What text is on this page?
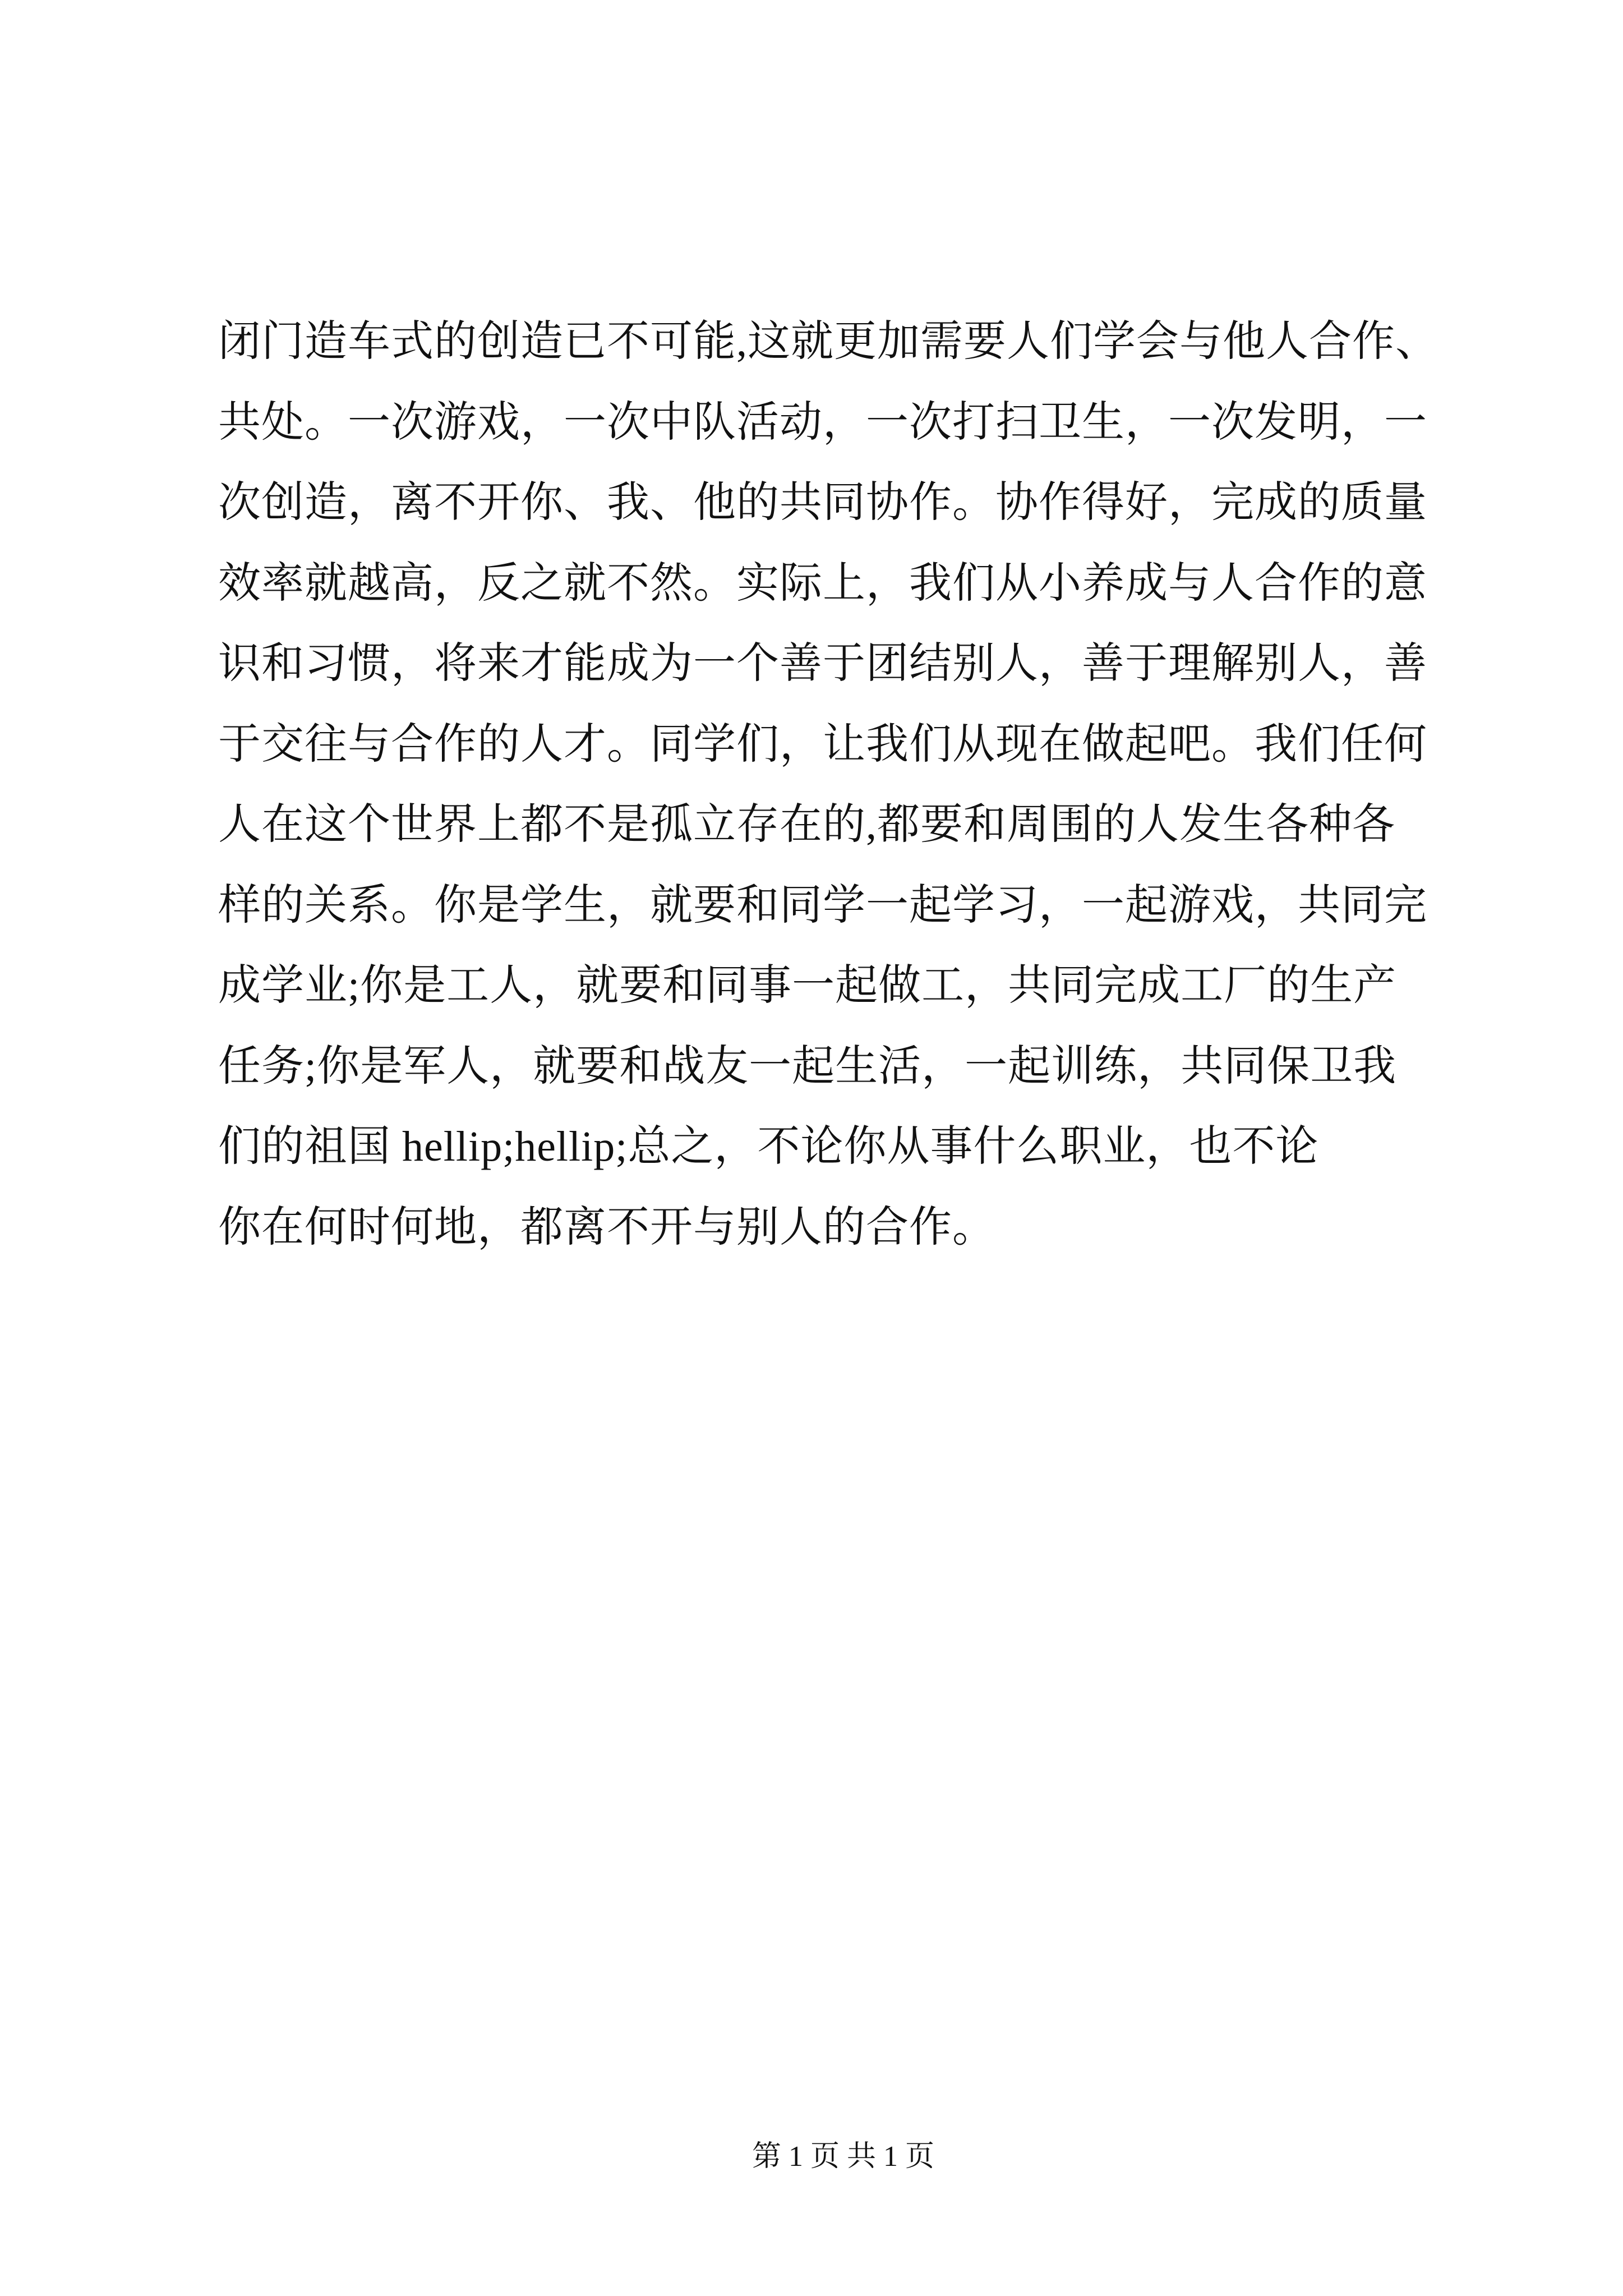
闭门造车式的创造已不可能,这就更加需要人们学会与他人合作、
共处。一次游戏，一次中队活动，一次打扫卫生，一次发明，一
次创造，离不开你、我、他的共同协作。协作得好，完成的质量
效率就越高，反之就不然。实际上，我们从小养成与人合作的意
识和习惯，将来才能成为一个善于团结别人，善于理解别人，善
于交往与合作的人才。同学们，让我们从现在做起吧。我们任何
人在这个世界上都不是孤立存在的,都要和周围的人发生各种各
样的关系。你是学生，就要和同学一起学习，一起游戏，共同完
成学业;你是工人，就要和同事一起做工，共同完成工厂的生产
任务;你是军人，就要和战友一起生活，一起训练，共同保卫我
们的祖国 hellip;hellip;总之，不论你从事什么职业，也不论
你在何时何地，都离不开与别人的合作。
第 1 页 共 1 页
